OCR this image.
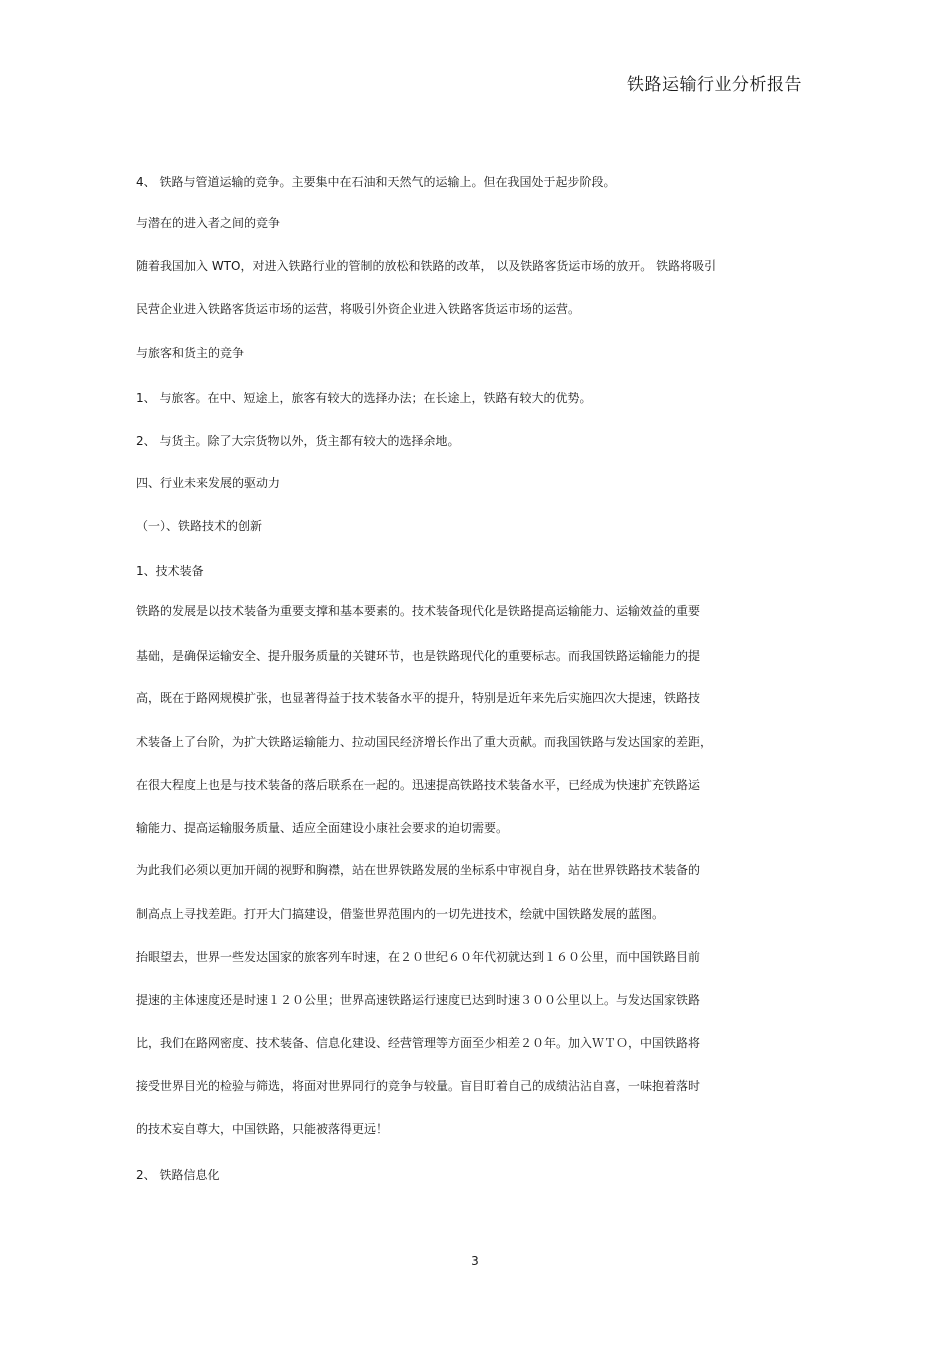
铁路运输行业分析报告
4、 铁路与管道运输的竞争。主要集中在石油和天然气的运输上。但在我国处于起步阶段。
与潜在的进入者之间的竞争
随着我国加入 WTO，对进入铁路行业的管制的放松和铁路的改革， 以及铁路客货运市场的放开。 铁路将吸引
民营企业进入铁路客货运市场的运营，将吸引外资企业进入铁路客货运市场的运营。
与旅客和货主的竞争
1、 与旅客。在中、短途上，旅客有较大的选择办法；在长途上，铁路有较大的优势。
2、 与货主。除了大宗货物以外，货主都有较大的选择余地。
四、行业未来发展的驱动力
（一）、铁路技术的创新
1、技术装备
铁路的发展是以技术装备为重要支撑和基本要素的。技术装备现代化是铁路提高运输能力、运输效益的重要
基础，是确保运输安全、提升服务质量的关键环节，也是铁路现代化的重要标志。而我国铁路运输能力的提
高，既在于路网规模扩张，也显著得益于技术装备水平的提升，特别是近年来先后实施四次大提速，铁路技
术装备上了台阶，为扩大铁路运输能力、拉动国民经济增长作出了重大贡献。而我国铁路与发达国家的差距，
在很大程度上也是与技术装备的落后联系在一起的。迅速提高铁路技术装备水平，已经成为快速扩充铁路运
输能力、提高运输服务质量、适应全面建设小康社会要求的迫切需要。
为此我们必须以更加开阔的视野和胸襟，站在世界铁路发展的坐标系中审视自身，站在世界铁路技术装备的
制高点上寻找差距。打开大门搞建设，借鉴世界范围内的一切先进技术，绘就中国铁路发展的蓝图。
抬眼望去，世界一些发达国家的旅客列车时速，在２０世纪６０年代初就达到１６０公里，而中国铁路目前
提速的主体速度还是时速１２０公里；世界高速铁路运行速度已达到时速３００公里以上。与发达国家铁路
比，我们在路网密度、技术装备、信息化建设、经营管理等方面至少相差２０年。加入ＷＴＯ，中国铁路将
接受世界目光的检验与筛选，将面对世界同行的竞争与较量。盲目盯着自己的成绩沾沾自喜，一味抱着落时
的技术妄自尊大，中国铁路，只能被落得更远！
2、 铁路信息化
3
